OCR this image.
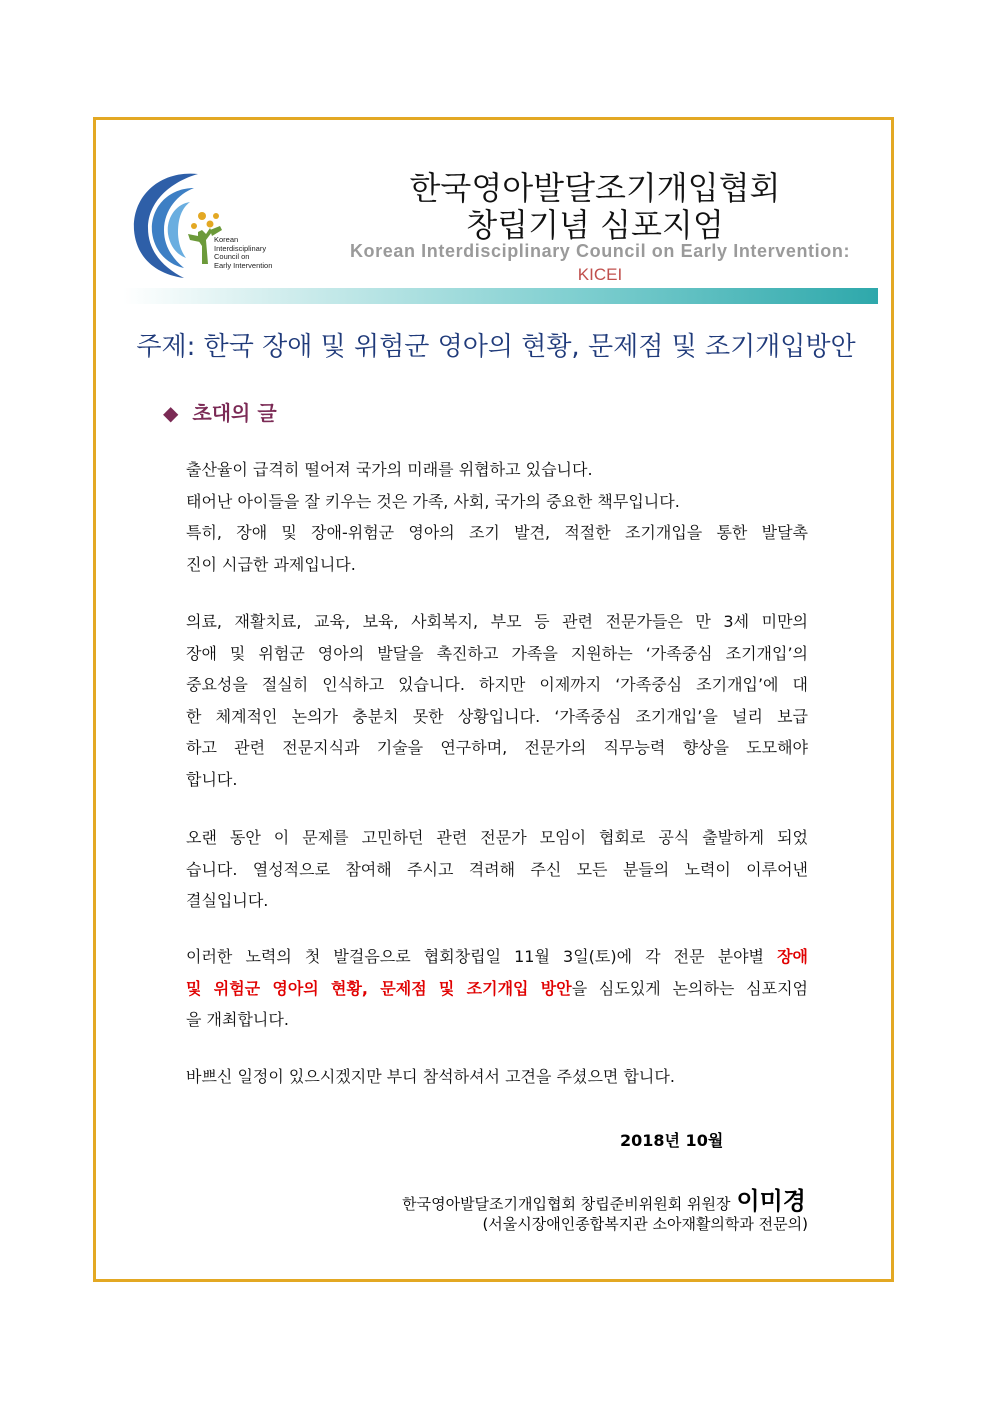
Korean
Interdisciplinary
Council on
Early Intervention
한국영아발달조기개입협회
창립기념 심포지엄
Korean Interdisciplinary Council on Early Intervention:
KICEI
주제: 한국 장애 및 위험군 영아의 현황, 문제점 및 조기개입방안
◆ 초대의 글
출산율이 급격히 떨어져 국가의 미래를 위협하고 있습니다.
태어난 아이들을 잘 키우는 것은 가족, 사회, 국가의 중요한 책무입니다.
특히, 장애 및 장애-위험군 영아의 조기 발견, 적절한 조기개입을 통한 발달촉
진이 시급한 과제입니다.
의료, 재활치료, 교육, 보육, 사회복지, 부모 등 관련 전문가들은 만 3세 미만의
장애 및 위험군 영아의 발달을 촉진하고 가족을 지원하는 ‘가족중심 조기개입’의
중요성을 절실히 인식하고 있습니다. 하지만 이제까지 ‘가족중심 조기개입’에 대
한 체계적인 논의가 충분치 못한 상황입니다. ‘가족중심 조기개입’을 널리 보급
하고 관련 전문지식과 기술을 연구하며, 전문가의 직무능력 향상을 도모해야
합니다.
오랜 동안 이 문제를 고민하던 관련 전문가 모임이 협회로 공식 출발하게 되었
습니다. 열성적으로 참여해 주시고 격려해 주신 모든 분들의 노력이 이루어낸
결실입니다.
이러한 노력의 첫 발걸음으로 협회창립일 11월 3일(토)에 각 전문 분야별 장애
및 위험군 영아의 현황, 문제점 및 조기개입 방안을 심도있게 논의하는 심포지엄
을 개최합니다.
바쁘신 일정이 있으시겠지만 부디 참석하셔서 고견을 주셨으면 합니다.
2018년 10월
한국영아발달조기개입협회 창립준비위원회 위원장 이미경
(서울시장애인종합복지관 소아재활의학과 전문의)
